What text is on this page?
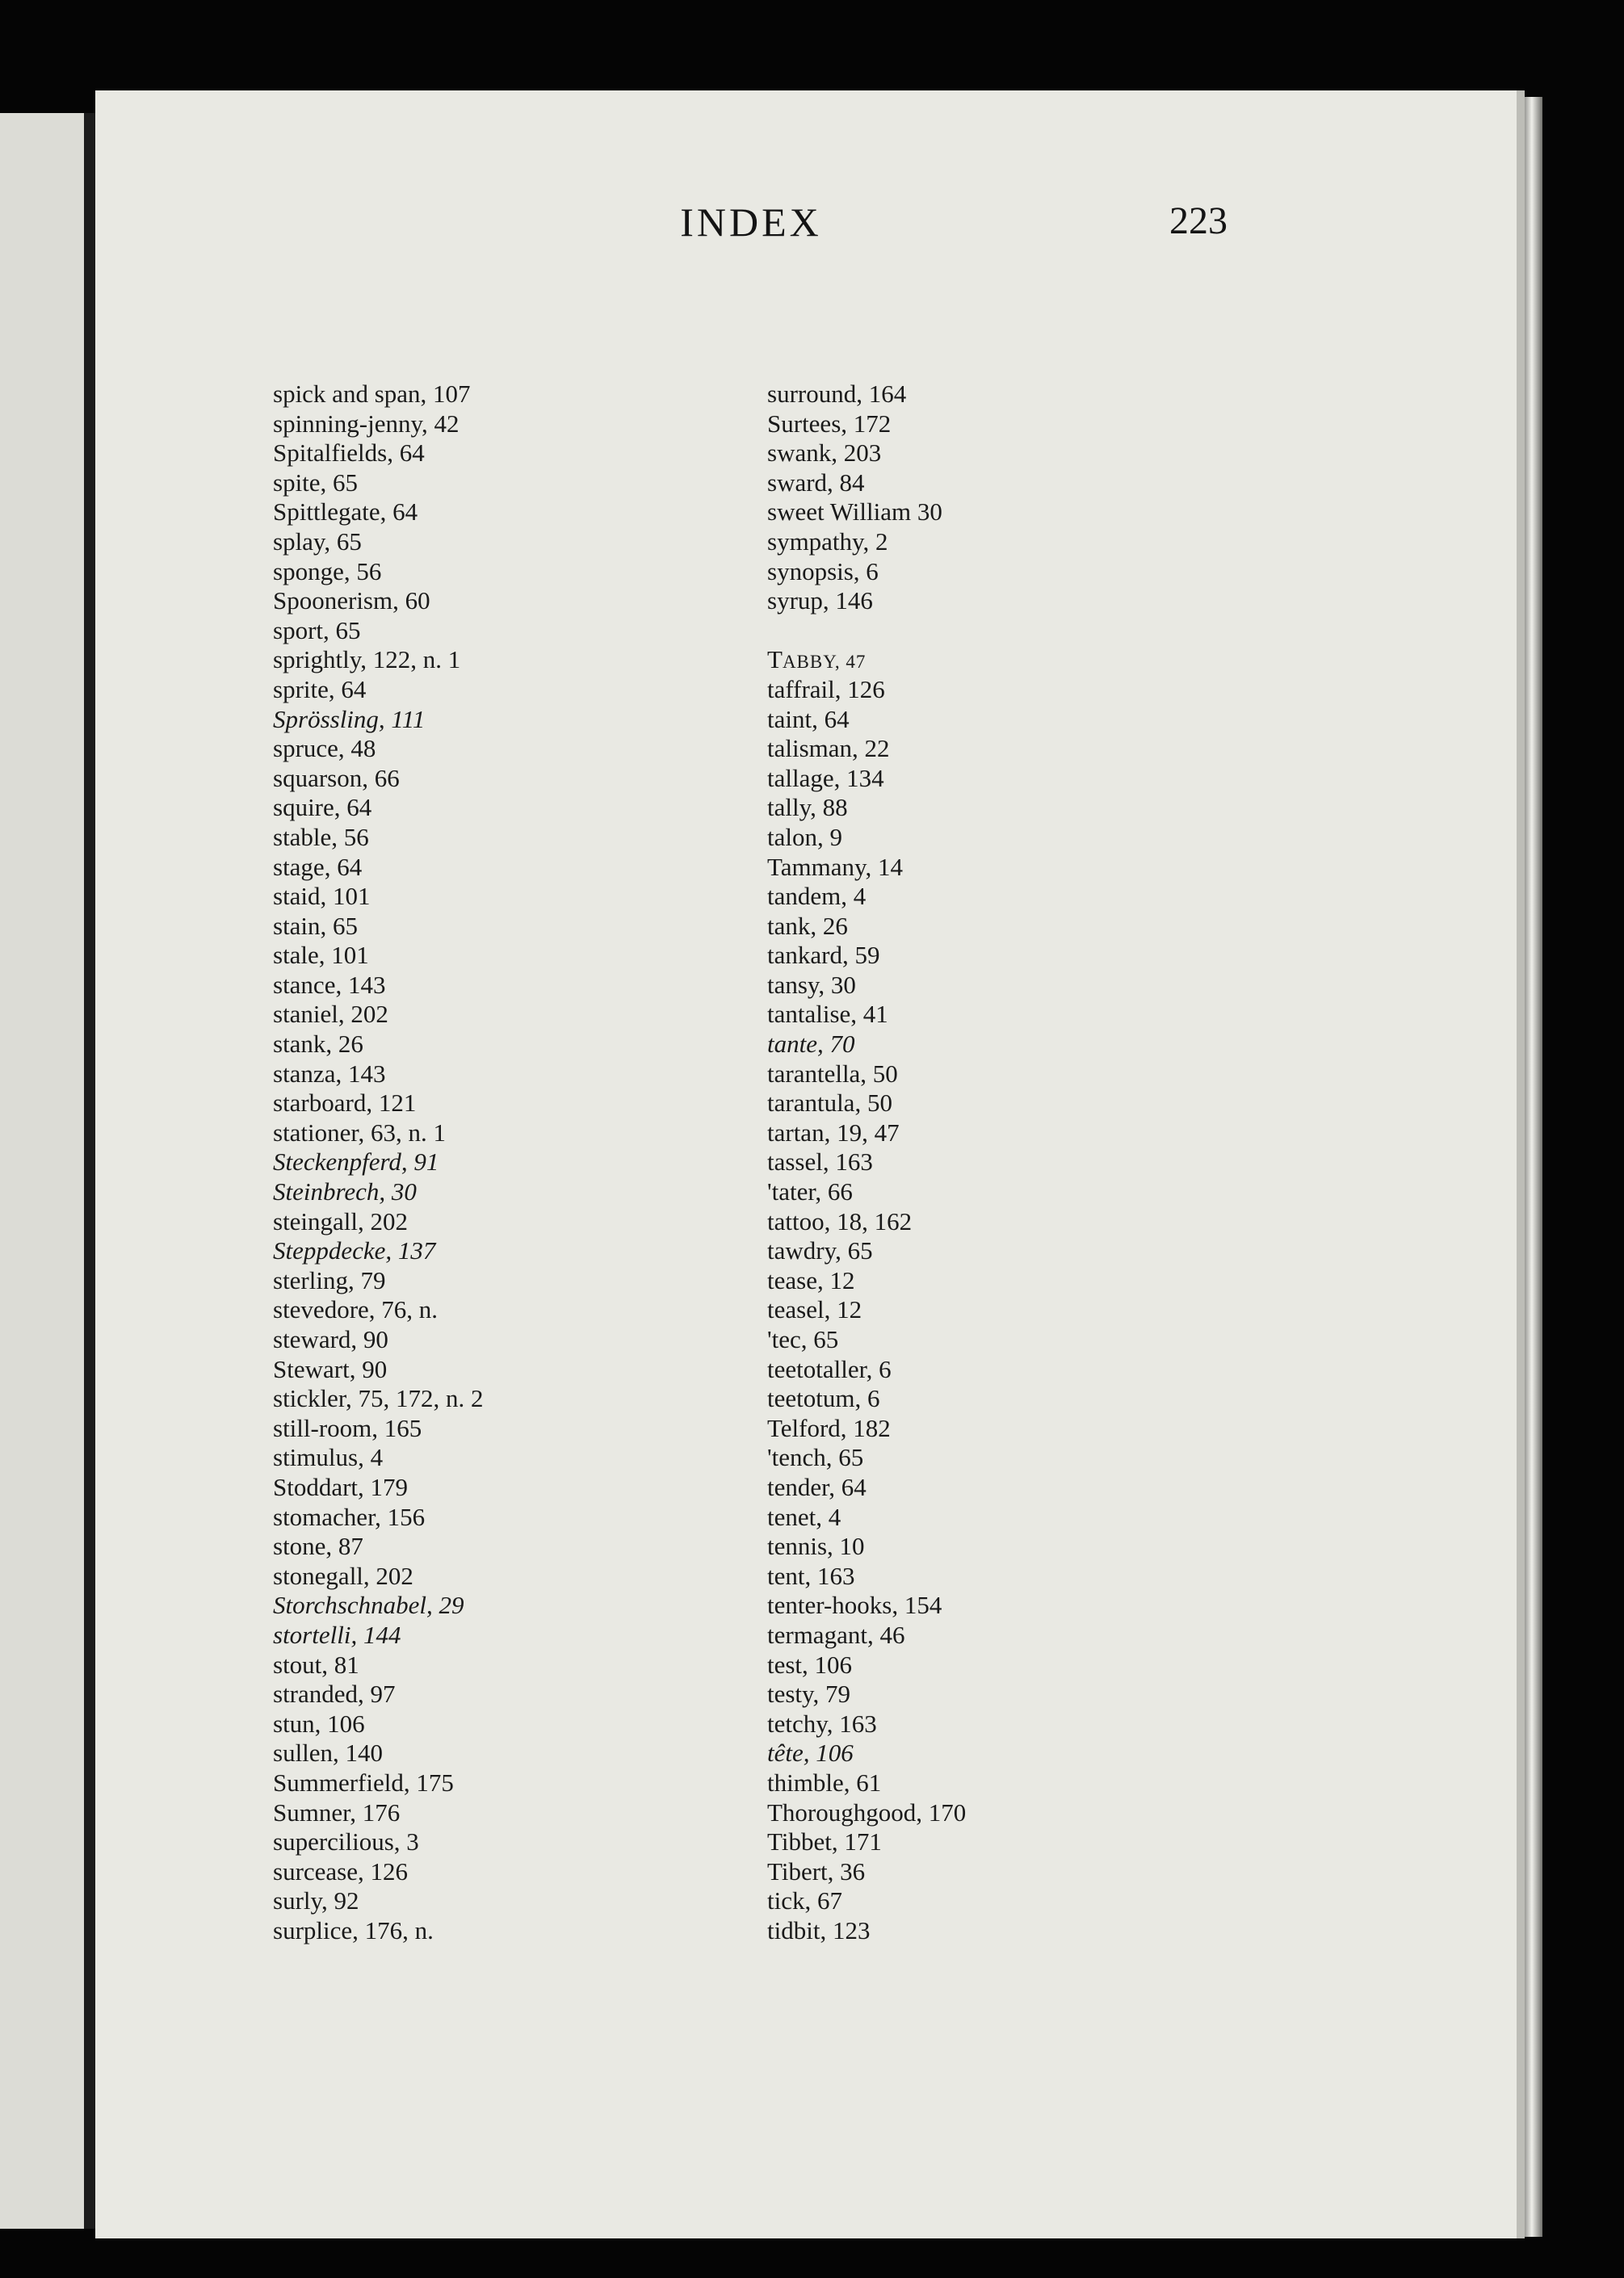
INDEX	223
spick and span, 107
spinning-jenny, 42
Spitalfields, 64
spite, 65
Spittlegate, 64
splay, 65
sponge, 56
Spoonerism, 60
sport, 65
sprightly, 122, n. 1
sprite, 64
Sprössling, 111
spruce, 48
squarson, 66
squire, 64
stable, 56
stage, 64
staid, 101
stain, 65
stale, 101
stance, 143
staniel, 202
stank, 26
stanza, 143
starboard, 121
stationer, 63, n. 1
Steckenpferd, 91
Steinbrech, 30
steingall, 202
Steppdecke, 137
sterling, 79
stevedore, 76, n.
steward, 90
Stewart, 90
stickler, 75, 172, n. 2
still-room, 165
stimulus, 4
Stoddart, 179
stomacher, 156
stone, 87
stonegall, 202
Storchschnabel, 29
stortelli, 144
stout, 81
stranded, 97
stun, 106
sullen, 140
Summerfield, 175
Sumner, 176
supercilious, 3
surcease, 126
surly, 92
surplice, 176, n.
surround, 164
Surtees, 172
swank, 203
sward, 84
sweet William 30
sympathy, 2
synopsis, 6
syrup, 146
TABBY, 47
taffrail, 126
taint, 64
talisman, 22
tallage, 134
tally, 88
talon, 9
Tammany, 14
tandem, 4
tank, 26
tankard, 59
tansy, 30
tantalise, 41
tante, 70
tarantella, 50
tarantula, 50
tartan, 19, 47
tassel, 163
'tater, 66
tattoo, 18, 162
tawdry, 65
tease, 12
teasel, 12
'tec, 65
teetotaller, 6
teetotum, 6
Telford, 182
'tench, 65
tender, 64
tenet, 4
tennis, 10
tent, 163
tenter-hooks, 154
termagant, 46
test, 106
testy, 79
tetchy, 163
tête, 106
thimble, 61
Thoroughgood, 170
Tibbet, 171
Tibert, 36
tick, 67
tidbit, 123
